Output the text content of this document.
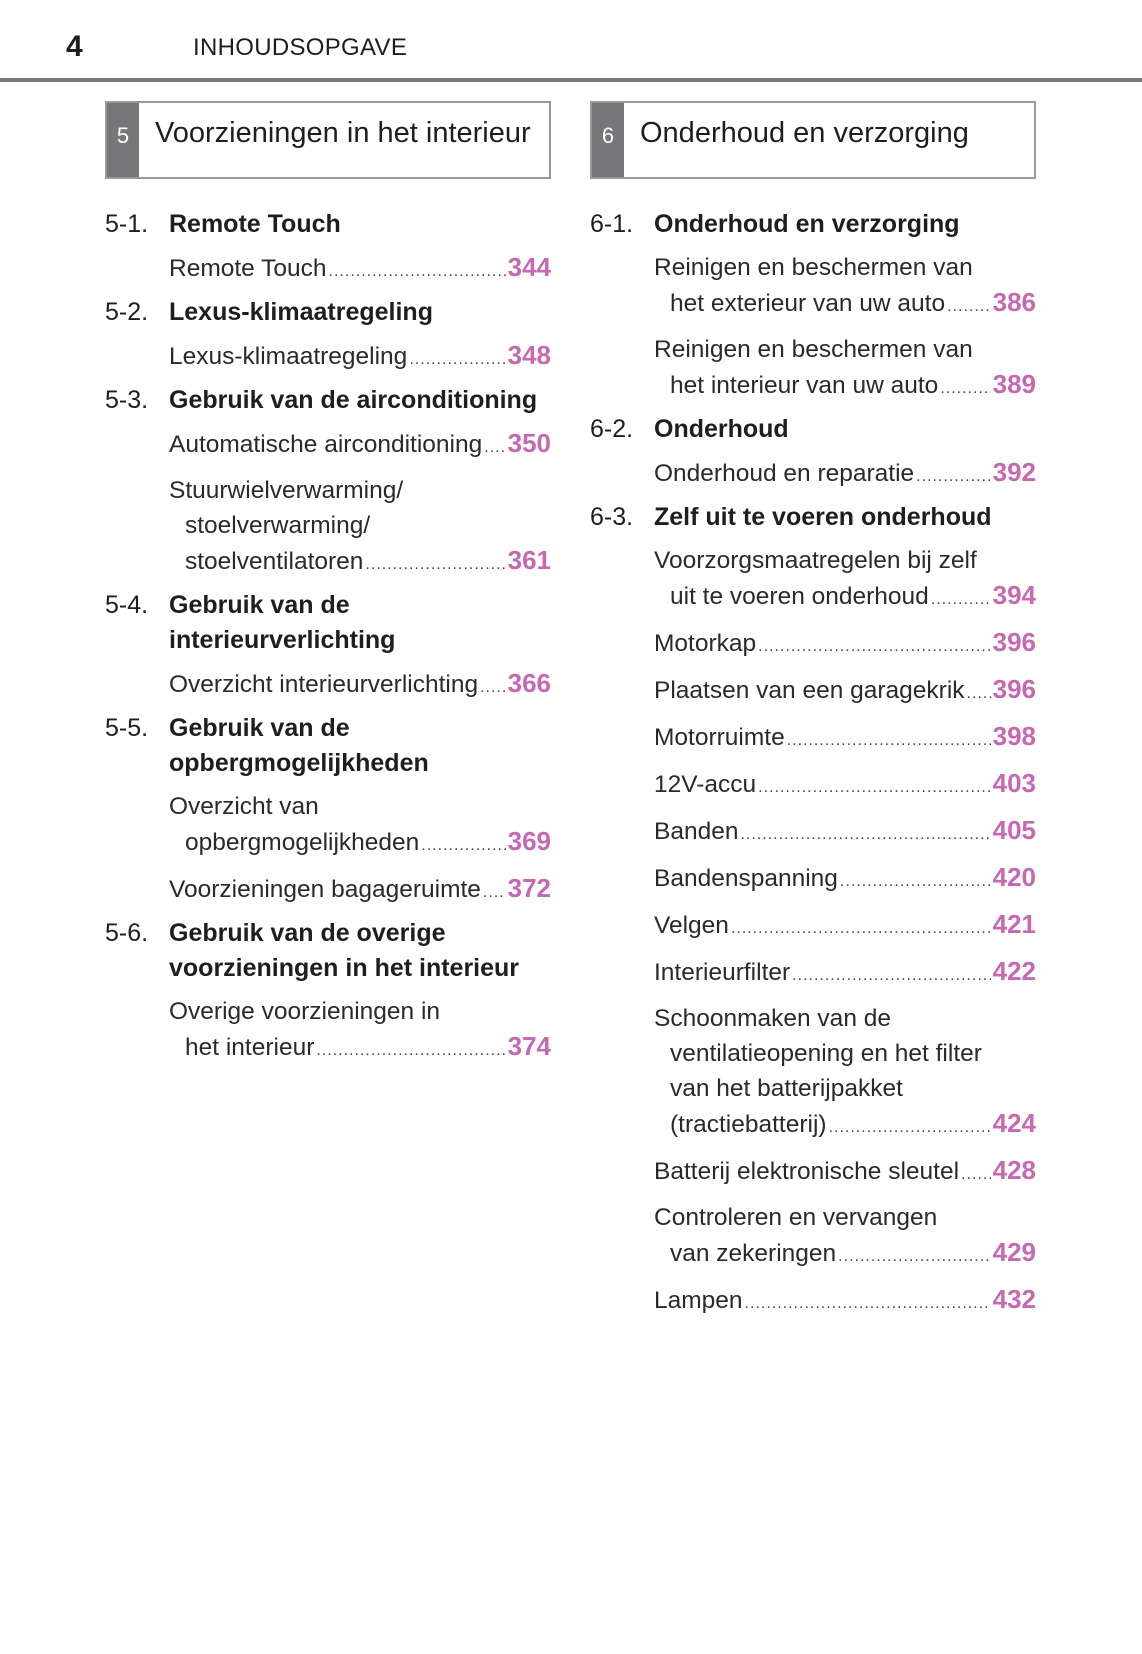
4	INHOUDSOPGAVE
5 Voorzieningen in het interieur
5-1. Remote Touch
Remote Touch .....	344
5-2. Lexus-klimaatregeling
Lexus-klimaatregeling .....	348
5-3. Gebruik van de airconditioning
Automatische airconditioning ..... 350
Stuurwielverwarming/
stoelverwarming/
stoelventilatoren .....	361
5-4. Gebruik van de
interieurverlichting
Overzicht interieurverlichting ..... 366
5-5. Gebruik van de
opbergmogelijkheden
Overzicht van
opbergmogelijkheden .....	369
Voorzieningen bagageruimte ..... 372
5-6. Gebruik van de overige
voorzieningen in het interieur
Overige voorzieningen in
het interieur .....	374
6 Onderhoud en verzorging
6-1. Onderhoud en verzorging
Reinigen en beschermen van
het exterieur van uw auto ..... 386
Reinigen en beschermen van
het interieur van uw auto ..... 389
6-2. Onderhoud
Onderhoud en reparatie .....	392
6-3. Zelf uit te voeren onderhoud
Voorzorgsmaatregelen bij zelf
uit te voeren onderhoud ..... 394
Motorkap .....	396
Plaatsen van een garagekrik ..... 396
Motorruimte .....	398
12V-accu .....	403
Banden .....	405
Bandenspanning .....	420
Velgen .....	421
Interieurfilter .....	422
Schoonmaken van de
ventilatieopening en het filter
van het batterijpakket
(tractiebatterij) .....	424
Batterij elektronische sleutel ..... 428
Controleren en vervangen
van zekeringen .....	429
Lampen .....	432
